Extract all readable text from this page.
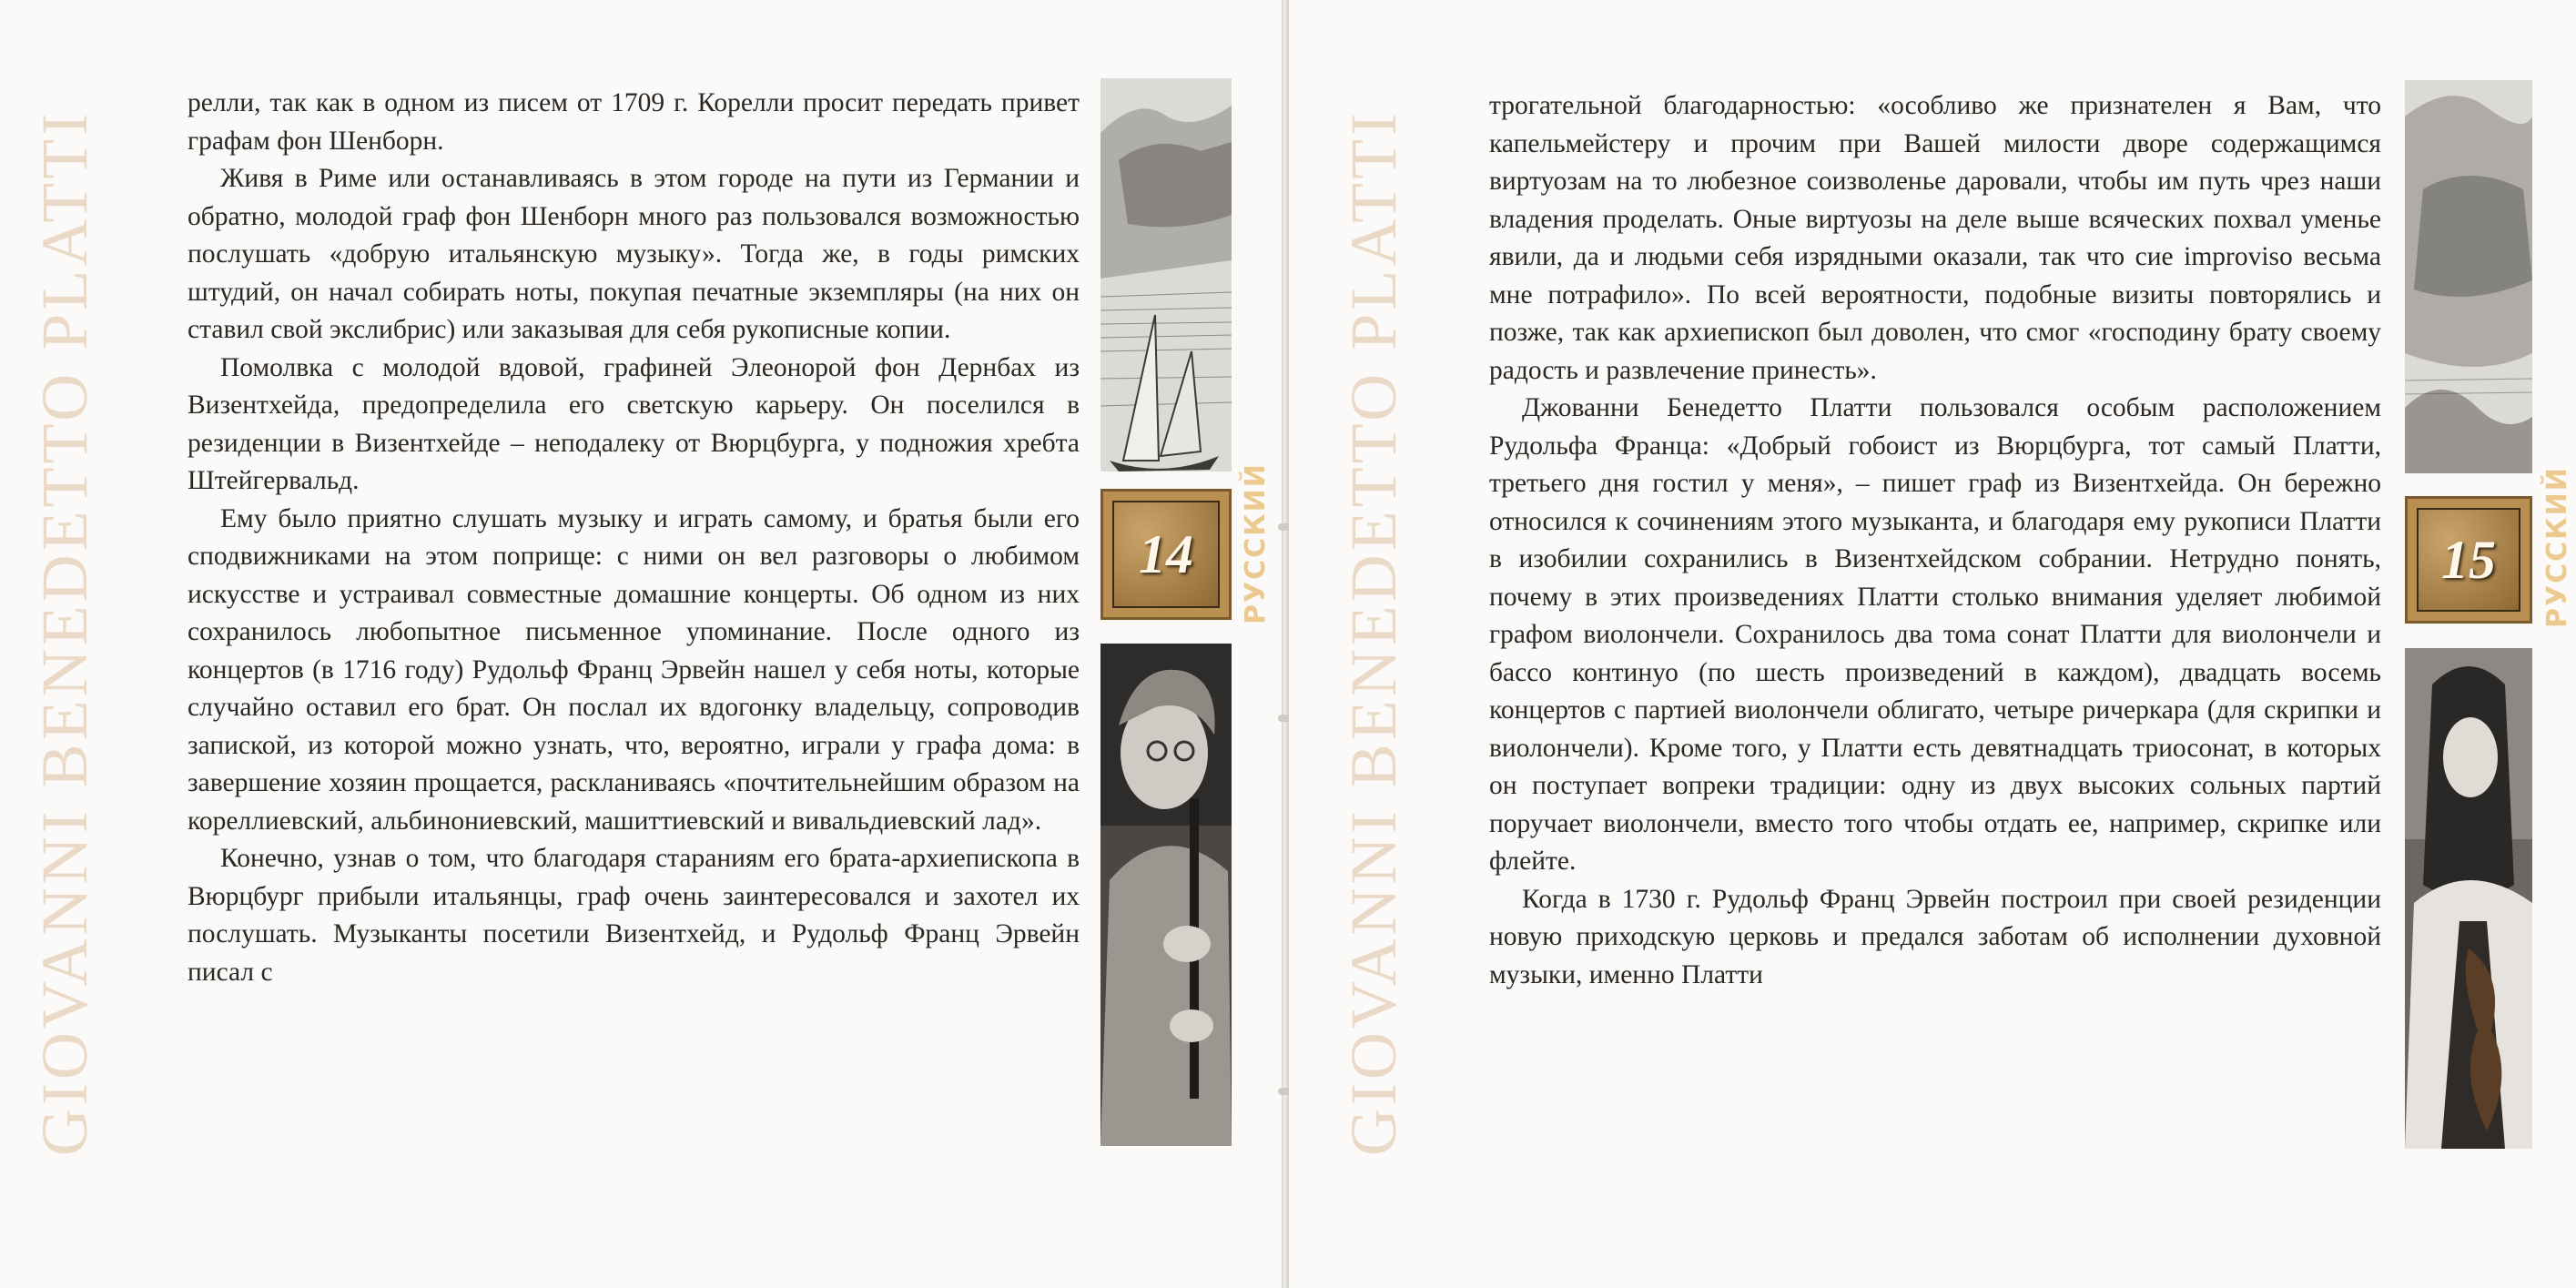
GIOVANNI BENEDETTO PLATTI

релли, так как в одном из писем от 1709 г. Корелли просит передать привет графам фон Шенборн.

Живя в Риме или останавливаясь в этом городе на пути из Германии и обратно, молодой граф фон Шенборн много раз пользовался возможностью послушать «добрую итальянскую музыку». Тогда же, в годы римских штудий, он начал собирать ноты, покупая печатные экземпляры (на них он ставил свой экслибрис) или заказывая для себя рукописные копии.

Помолвка с молодой вдовой, графиней Элеонорой фон Дернбах из Визентхейда, предопределила его светскую карьеру. Он поселился в резиденции в Визентхейде – неподалеку от Вюрцбурга, у подножия хребта Штейгервальд.

Ему было приятно слушать музыку и играть самому, и братья были его сподвижниками на этом поприще: с ними он вел разговоры о любимом искусстве и устраивал совместные домашние концерты. Об одном из них сохранилось любопытное письменное упоминание. После одного из концертов (в 1716 году) Рудольф Франц Эрвейн нашел у себя ноты, которые случайно оставил его брат. Он послал их вдогонку владельцу, сопроводив запиской, из которой можно узнать, что, вероятно, играли у графа дома: в завершение хозяин прощается, раскланиваясь «почтительнейшим образом на кореллиевский, альбинониевский, машиттиевский и вивальдиевский лад».

Конечно, узнав о том, что благодаря стараниям его брата-архиепископа в Вюрцбург прибыли итальянцы, граф очень заинтересовался и захотел их послушать. Музыканты посетили Визентхейд, и Рудольф Франц Эрвейн писал с

14 РУССКИЙ GIOVANNI BENEDETTO PLATTI

трогательной благодарностью: «особливо же признателен я Вам, что капельмейстеру и прочим при Вашей милости дворе содержащимся виртуозам на то любезное соизволенье даровали, чтобы им путь чрез наши владения проделать. Оные виртуозы на деле выше всяческих похвал уменье явили, да и людьми себя изрядными оказали, так что сие improviso весьма мне потрафило». По всей вероятности, подобные визиты повторялись и позже, так как архиепископ был доволен, что смог «господину брату своему радость и развлечение принесть».

Джованни Бенедетто Платти пользовался особым расположением Рудольфа Франца: «Добрый гобоист из Вюрцбурга, тот самый Платти, третьего дня гостил у меня», – пишет граф из Визентхейда. Он бережно относился к сочинениям этого музыканта, и благодаря ему рукописи Платти в изобилии сохранились в Визентхейдском собрании. Нетрудно понять, почему в этих произведениях Платти столько внимания уделяет любимой графом виолончели. Сохранилось два тома сонат Платти для виолончели и бассо континуо (по шесть произведений в каждом), двадцать восемь концертов с партией виолончели облигато, четыре ричеркара (для скрипки и виолончели). Кроме того, у Платти есть девятнадцать триосонат, в которых он поступает вопреки традиции: одну из двух высоких сольных партий поручает виолончели, вместо того чтобы отдать ее, например, скрипке или флейте.

Когда в 1730 г. Рудольф Франц Эрвейн построил при своей резиденции новую приходскую церковь и предался заботам об исполнении духовной музыки, именно Платти

15 РУССКИЙ
